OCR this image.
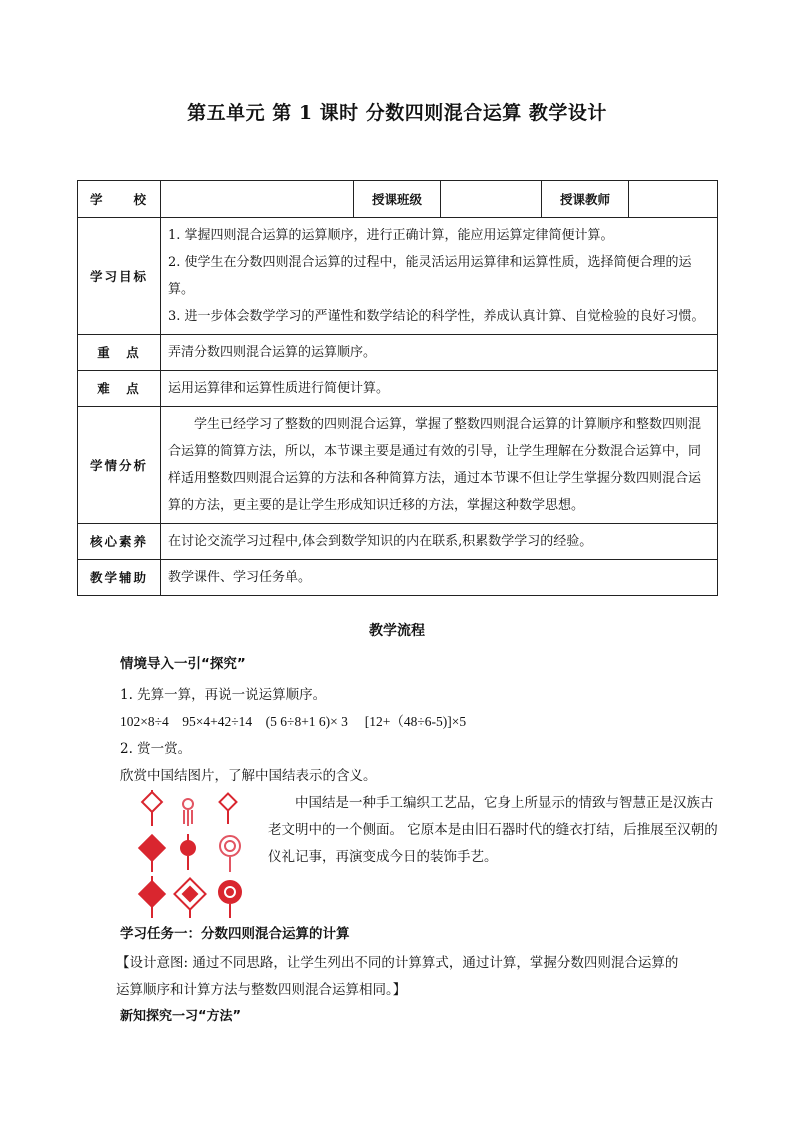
第五单元 第 1 课时 分数四则混合运算 教学设计
学　　校		授课班级		授课教师	
学习目标	1. 掌握四则混合运算的运算顺序，进行正确计算，能应用运算定律简便计算。
2. 使学生在分数四则混合运算的过程中，能灵活运用运算律和运算性质，选择简便合理的运算。
3. 进一步体会数学学习的严谨性和数学结论的科学性，养成认真计算、自觉检验的良好习惯。				

重　点	弄清分数四则混合运算的运算顺序。				
难　点	运用运算律和运算性质进行简便计算。				
学情分析	学生已经学习了整数的四则混合运算，掌握了整数四则混合运算的计算顺序和整数四则混合运算的简算方法，所以，本节课主要是通过有效的引导，让学生理解在分数混合运算中，同样适用整数四则混合运算的方法和各种简算方法，通过本节课不但让学生掌握分数四则混合运算的方法，更主要的是让学生形成知识迁移的方法，掌握这种数学思想。				
核心素养	在讨论交流学习过程中,体会到数学知识的内在联系,积累数学学习的经验。				
教学辅助	教学课件、学习任务单。				
教学流程
情境导入一引“探究”
1. 先算一算，再说一说运算顺序。
102×8÷4    95×4+42÷14    (5 6÷8+1 6)× 3     [12+（48÷6-5)]×5
2. 赏一赏。
欣赏中国结图片，了解中国结表示的含义。
中国结是一种手工编织工艺品，它身上所显示的情致与智慧正是汉族古老文明中的一个侧面。 它原本是由旧石器时代的缝衣打结，后推展至汉朝的仪礼记事，再演变成今日的装饰手艺。
学习任务一：分数四则混合运算的计算
【设计意图: 通过不同思路，让学生列出不同的计算算式，通过计算，掌握分数四则混合运算的运算顺序和计算方法与整数四则混合运算相同。】
新知探究一习“方法”
